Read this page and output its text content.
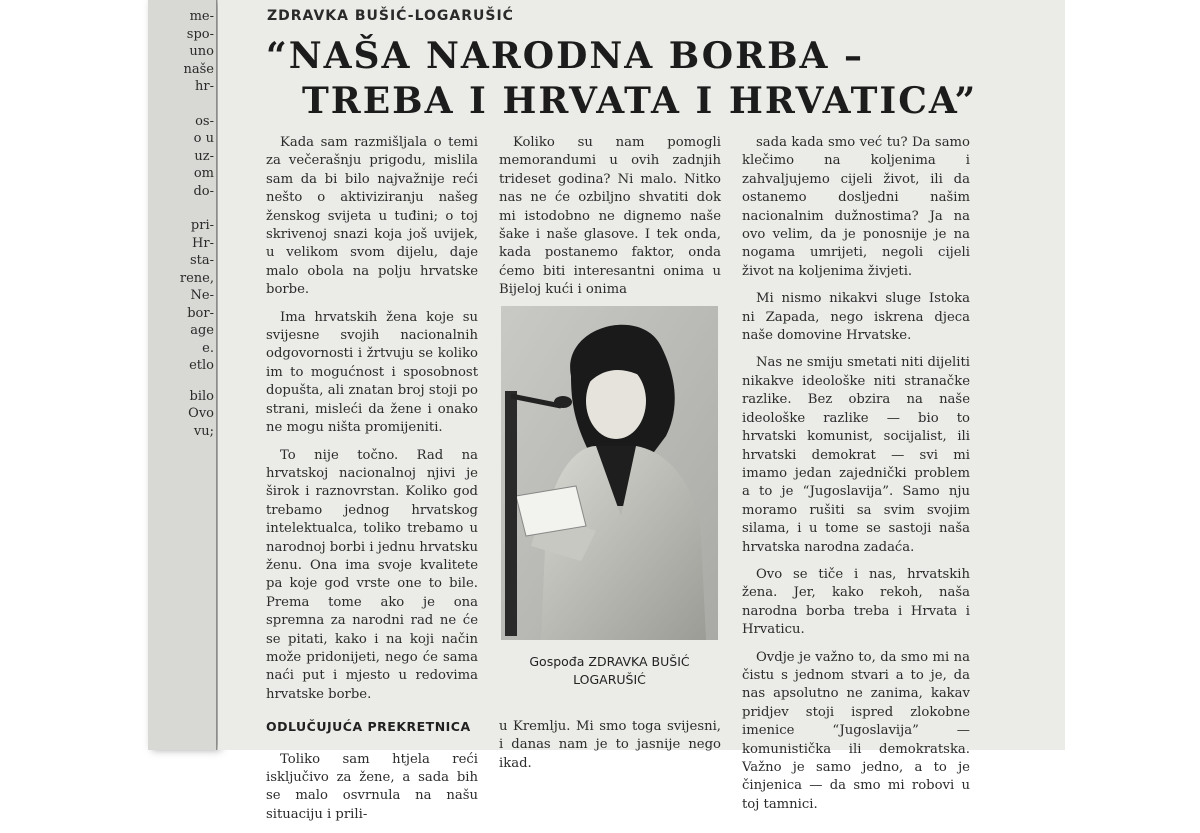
me-
spo-
uno
naše
hr-
os-
o u
uz-
om
do-
pri-
Hr-
sta-
rene,
Ne-
bor-
age
e.
etlo
bilo
Ovo
vu;
ZDRAVKA BUŠIĆ-LOGARUŠIĆ
“NAŠA NARODNA BORBA –
TREBA I HRVATA I HRVATICA”

Kada sam razmišljala o temi za večerašnju prigodu, mislila sam da bi bilo najvažnije reći nešto o aktiviziranju našeg ženskog svijeta u tuđini; o toj skrivenoj snazi koja još uvijek, u velikom svom dijelu, daje malo obola na polju hrvatske borbe.

Ima hrvatskih žena koje su svijesne svojih nacionalnih odgovornosti i žrtvuju se koliko im to mogućnost i sposobnost dopušta, ali znatan broj stoji po strani, misleći da žene i onako ne mogu ništa promijeniti.

To nije točno. Rad na hrvatskoj nacionalnoj njivi je širok i raznovrstan. Koliko god trebamo jednog hrvatskog intelektualca, toliko trebamo u narodnoj borbi i jednu hrvatsku ženu. Ona ima svoje kvalitete pa koje god vrste one to bile. Prema tome ako je ona spremna za narodni rad ne će se pitati, kako i na koji način može pridonijeti, nego će sama naći put i mjesto u redovima hrvatske borbe.

ODLUČUJUĆA PREKRETNICA

Toliko sam htjela reći isključivo za žene, a sada bih se malo osvrnula na našu situaciju i prili-

Koliko su nam pomogli memorandumi u ovih zadnjih trideset godina? Ni malo. Nitko nas ne će ozbiljno shvatiti dok mi istodobno ne dignemo naše šake i naše glasove. I tek onda, kada postanemo faktor, onda ćemo biti interesantni onima u Bijeloj kući i onima

Gospođa ZDRAVKA BUŠIĆ LOGARUŠIĆ
u Kremlju. Mi smo toga svijesni, i danas nam je to jasnije nego ikad.

sada kada smo već tu? Da samo klečimo na koljenima i zahvaljujemo cijeli život, ili da ostanemo dosljedni našim nacionalnim dužnostima? Ja na ovo velim, da je ponosnije je na nogama umrijeti, negoli cijeli život na koljenima živjeti.

Mi nismo nikakvi sluge Istoka ni Zapada, nego iskrena djeca naše domovine Hrvatske.

Nas ne smiju smetati niti dijeliti nikakve ideološke niti stranačke razlike. Bez obzira na naše ideološke razlike — bio to hrvatski komunist, socijalist, ili hrvatski demokrat — svi mi imamo jedan zajednički problem a to je “Jugoslavija”. Samo nju moramo rušiti sa svim svojim silama, i u tome se sastoji naša hrvatska narodna zadaća.

Ovo se tiče i nas, hrvatskih žena. Jer, kako rekoh, naša narodna borba treba i Hrvata i Hrvaticu.

Ovdje je važno to, da smo mi na čistu s jednom stvari a to je, da nas apsolutno ne zanima, kakav pridjev stoji ispred zlokobne imenice “Jugoslavija” — komunistička ili demokratska. Važno je samo jedno, a to je činjenica — da smo mi robovi u toj tamnici.
